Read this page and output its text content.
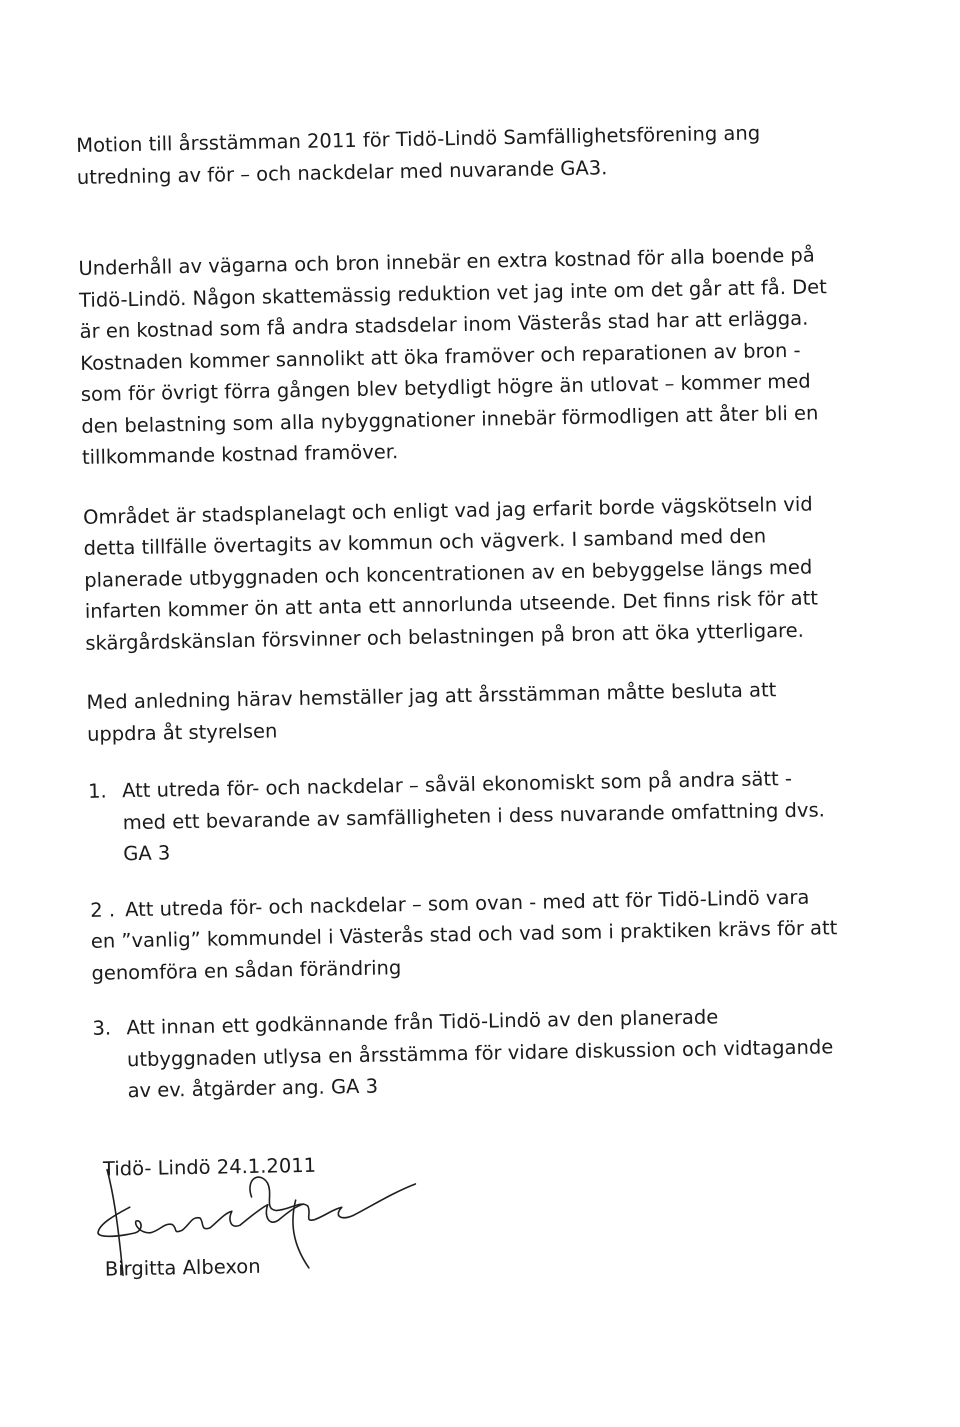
Motion till årsstämman 2011 för Tidö-Lindö Samfällighetsförening ang
utredning av för – och nackdelar med nuvarande GA3.
Underhåll av vägarna och bron innebär en extra kostnad för alla boende på
Tidö-Lindö. Någon skattemässig reduktion vet jag inte om det går att få. Det
är en kostnad som få andra stadsdelar inom Västerås stad har att erlägga.
Kostnaden kommer sannolikt att öka framöver och reparationen av bron -
som för övrigt förra gången blev betydligt högre än utlovat – kommer med
den belastning som alla nybyggnationer innebär förmodligen att åter bli en
tillkommande kostnad framöver.
Området är stadsplanelagt och enligt vad jag erfarit borde vägskötseln vid
detta tillfälle övertagits av kommun och vägverk. I samband med den
planerade utbyggnaden och koncentrationen av en bebyggelse längs med
infarten kommer ön att anta ett annorlunda utseende. Det finns risk för att
skärgårdskänslan försvinner och belastningen på bron att öka ytterligare.
Med anledning härav hemställer jag att årsstämman måtte besluta att
uppdra åt styrelsen
1. Att utreda för- och nackdelar – såväl ekonomiskt som på andra sätt -
med ett bevarande av samfälligheten i dess nuvarande omfattning dvs.
GA 3
2 . Att utreda för- och nackdelar – som ovan - med att för Tidö-Lindö vara
en ”vanlig” kommundel i Västerås stad och vad som i praktiken krävs för att
genomföra en sådan förändring
3. Att innan ett godkännande från Tidö-Lindö av den planerade
utbyggnaden utlysa en årsstämma för vidare diskussion och vidtagande
av ev. åtgärder ang. GA 3
Tidö- Lindö 24.1.2011
Birgitta Albexon
